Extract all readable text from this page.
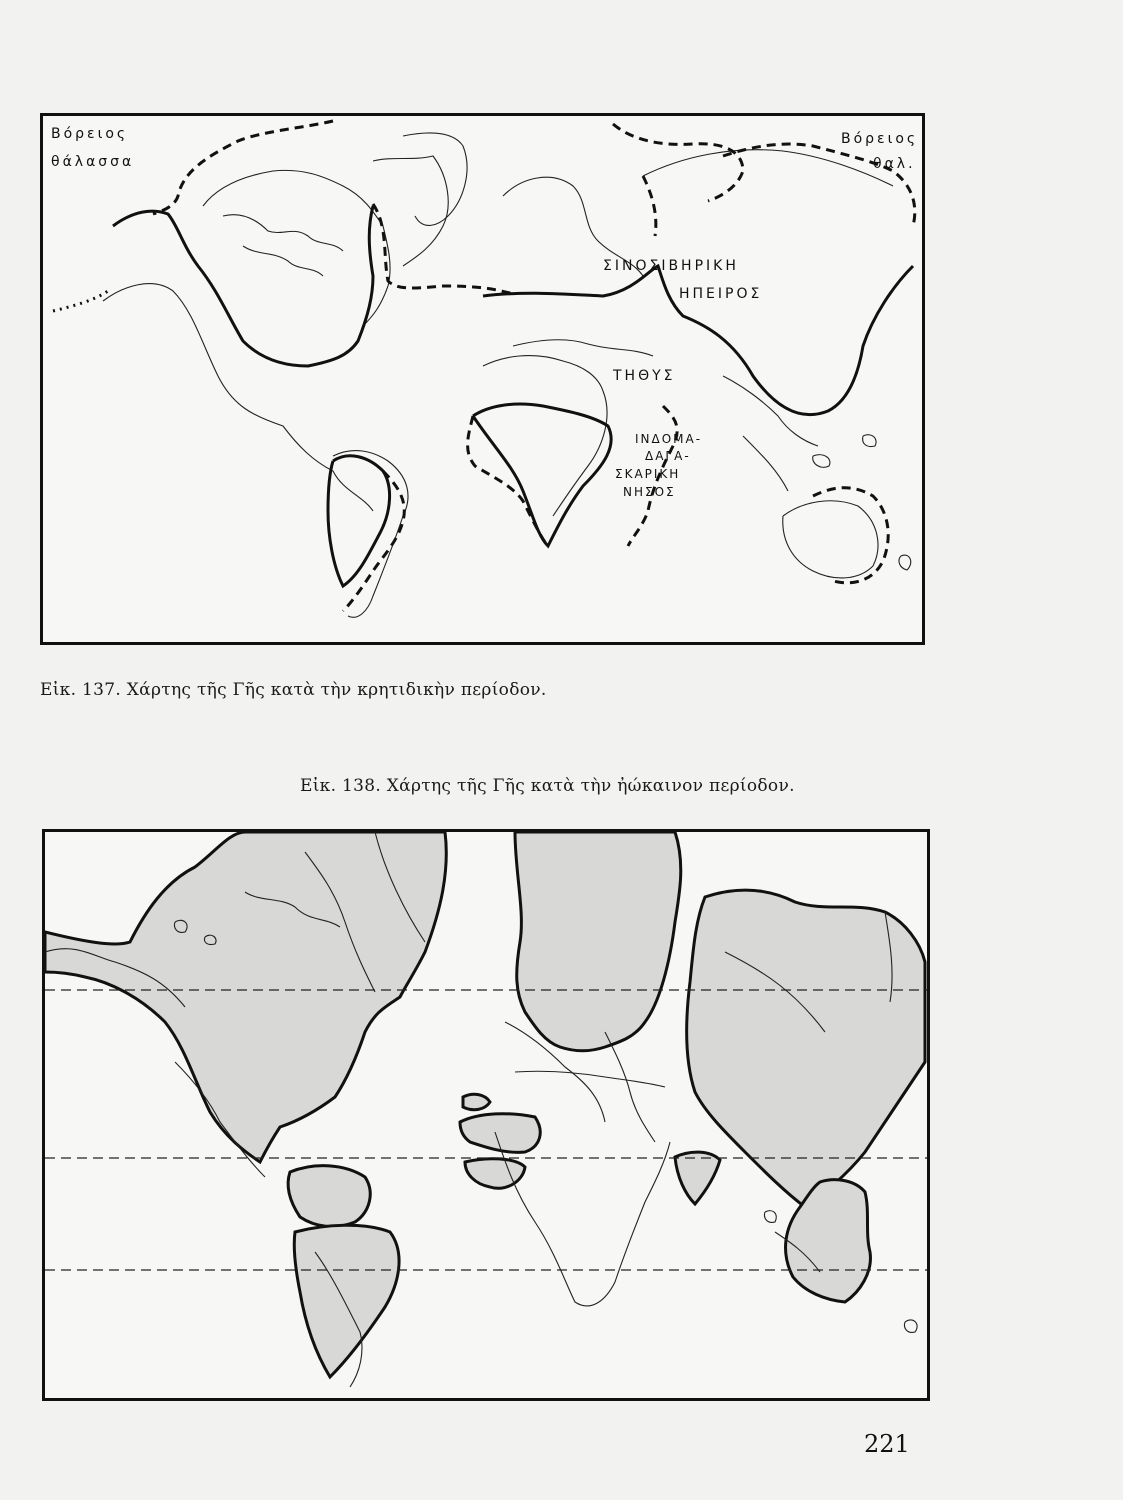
Βόρειος
θάλασσα
Βόρειος
θαλ.
ΣΙΝΟΣΙΒΗΡΙΚΗ
ΗΠΕΙΡΟΣ
ΤΗΘΥΣ
ΙΝΔΟΜΑ-
ΔΑΓΑ-
ΣΚΑΡΙΚΗ
ΝΗΣΟΣ
Εἰκ. 137. Χάρτης τῆς Γῆς κατὰ τὴν κρητιδικὴν περίοδον.
Εἰκ. 138. Χάρτης τῆς Γῆς κατὰ τὴν ἠώκαινον περίοδον.
221
